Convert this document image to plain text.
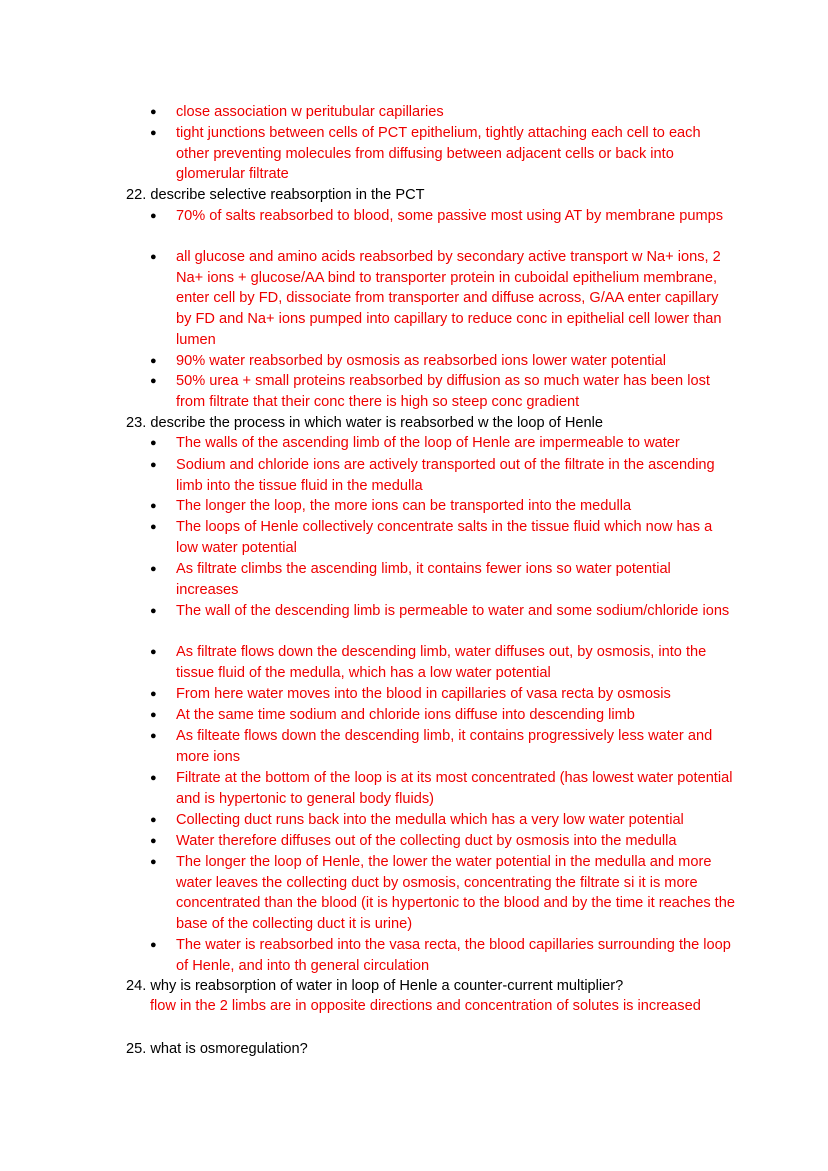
● close association w peritubular capillaries
● tight junctions between cells of PCT epithelium, tightly attaching each cell to each other preventing molecules from diffusing between adjacent cells or back into glomerular filtrate
22. describe selective reabsorption in the PCT
● 70% of salts reabsorbed to blood, some passive most using AT by membrane pumps
● all glucose and amino acids reabsorbed by secondary active transport w Na+ ions, 2 Na+ ions + glucose/AA bind to transporter protein in cuboidal epithelium membrane, enter cell by FD, dissociate from transporter and diffuse across, G/AA enter capillary by FD and Na+ ions pumped into capillary to reduce conc in epithelial cell lower than lumen
● 90% water reabsorbed by osmosis as reabsorbed ions lower water potential
● 50% urea + small proteins reabsorbed by diffusion as so much water has been lost from filtrate that their conc there is high so steep conc gradient
23. describe the process in which water is reabsorbed w the loop of Henle
● The walls of the ascending limb of the loop of Henle are impermeable to water
● Sodium and chloride ions are actively transported out of the filtrate in the ascending limb into the tissue fluid in the medulla
● The longer the loop, the more ions can be transported into the medulla
● The loops of Henle collectively concentrate salts in the tissue fluid which now has a low water potential
● As filtrate climbs the ascending limb, it contains fewer ions so water potential increases
● The wall of the descending limb is permeable to water and some sodium/chloride ions
● As filtrate flows down the descending limb, water diffuses out, by osmosis, into the tissue fluid of the medulla, which has a low water potential
● From here water moves into the blood in capillaries of vasa recta by osmosis
● At the same time sodium and chloride ions diffuse into descending limb
● As filteate flows down the descending limb, it contains progressively less water and more ions
● Filtrate at the bottom of the loop is at its most concentrated (has lowest water potential and is hypertonic to general body fluids)
● Collecting duct runs back into the medulla which has a very low water potential
● Water therefore diffuses out of the collecting duct by osmosis into the medulla
● The longer the loop of Henle, the lower the water potential in the medulla and more water leaves the collecting duct by osmosis, concentrating the filtrate si it is more concentrated than the blood (it is hypertonic to the blood and by the time it reaches the base of the collecting duct it is urine)
● The water is reabsorbed into the vasa recta, the blood capillaries surrounding the loop of Henle, and into th general circulation
24. why is reabsorption of water in loop of Henle a counter-current multiplier?
flow in the 2 limbs are in opposite directions and concentration of solutes is increased
25. what is osmoregulation?
